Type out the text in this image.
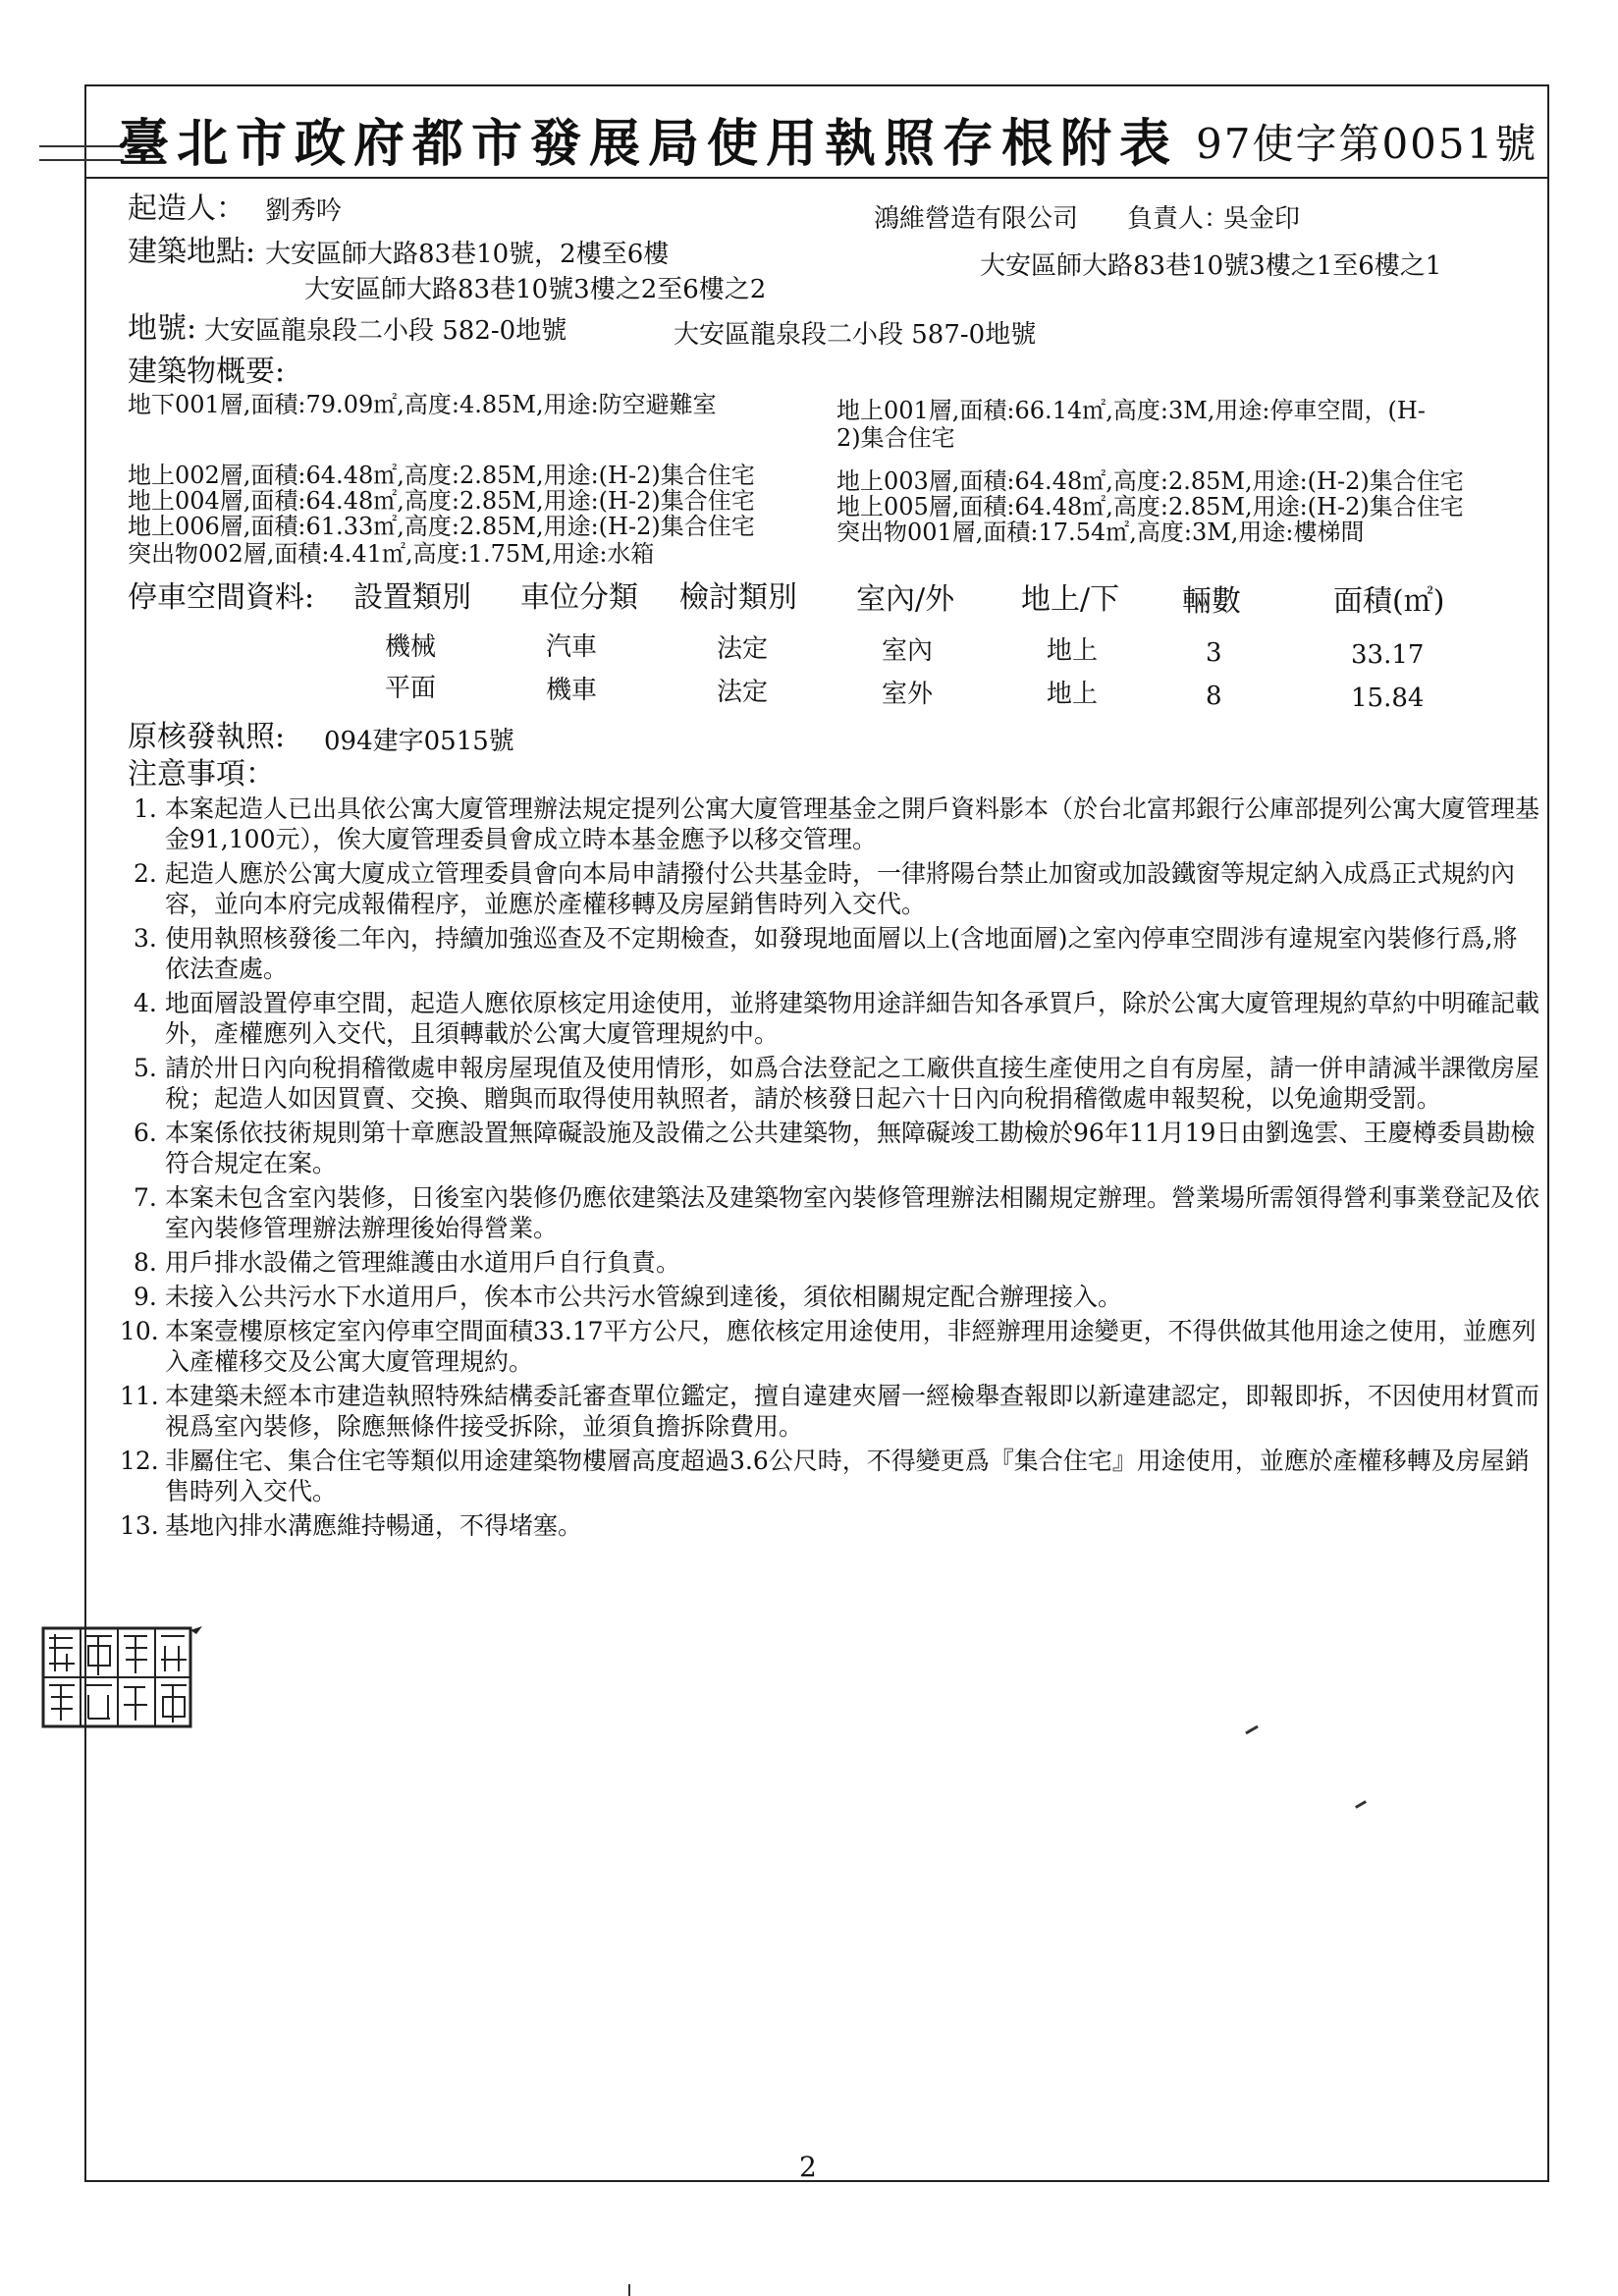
臺北市政府都市發展局使用執照存根附表 97使字第0051號
起造人： 劉秀吟	鴻維營造有限公司 負責人：
吳金印
建築地點: 大安區師大路83巷10號，2樓至6樓	大安區師大路83巷10號3樓之1至6樓之1
大安區師大路83巷10號3樓之2至6樓之2
地號: 大安區龍泉段二小段 582-0地號	大安區龍泉段二小段 587-0地號
建築物概要:
地下001層,面積:79.09㎡,高度:4.85M,用途:防空避難室
地上002層,面積:64.48㎡,高度:2.85M,用途:(H-2)集合住宅
地上004層,面積:64.48㎡,高度:2.85M,用途:(H-2)集合住宅
地上006層,面積:61.33㎡,高度:2.85M,用途:(H-2)集合住宅
突出物002層,面積:4.41㎡,高度:1.75M,用途:水箱
地上001層,面積:66.14㎡,高度:3M,用途:停車空間，(H-
2)集合住宅
地上003層,面積:64.48㎡,高度:2.85M,用途:(H-2)集合住宅
地上005層,面積:64.48㎡,高度:2.85M,用途:(H-2)集合住宅
突出物001層,面積:17.54㎡,高度:3M,用途:樓梯間
停車空間資料: 設置類別 車位分類 檢討類別 室內/外 地上/下 輛數	面積(㎡)
機械	汽車	法定	室內	地上	3	33.17
平面	機車	法定	室外	地上	8	15.84
原核發執照: 094建字0515號
注意事項：
1. 本案起造人已出具依公寓大廈管理辦法規定提列公寓大廈管理基金之開戶資料影本（於台北富邦銀行公庫部提列公寓大廈管理基金91,100元），俟大廈管理委員會成立時本基金應予以移交管理。
2. 起造人應於公寓大廈成立管理委員會向本局申請撥付公共基金時，一律將陽台禁止加窗或加設鐵窗等規定納入成爲正式規約內容，並向本府完成報備程序，並應於產權移轉及房屋銷售時列入交代。
3. 使用執照核發後二年內，持續加強巡查及不定期檢查，如發現地面層以上(含地面層)之室內停車空間涉有違規室內裝修行爲,將依法查處。
4. 地面層設置停車空間，起造人應依原核定用途使用，並將建築物用途詳細告知各承買戶，除於公寓大廈管理規約草約中明確記載外，產權應列入交代，且須轉載於公寓大廈管理規約中。
5. 請於卅日內向稅捐稽徵處申報房屋現值及使用情形，如爲合法登記之工廠供直接生產使用之自有房屋，請一併申請減半課徵房屋稅；起造人如因買賣、交換、贈與而取得使用執照者，請於核發日起六十日內向稅捐稽徵處申報契稅，以免逾期受罰。
6. 本案係依技術規則第十章應設置無障礙設施及設備之公共建築物，無障礙竣工勘檢於96年11月19日由劉逸雲、王慶樽委員勘檢符合規定在案。
7. 本案未包含室內裝修，日後室內裝修仍應依建築法及建築物室內裝修管理辦法相關規定辦理。營業場所需領得營利事業登記及依室內裝修管理辦法辦理後始得營業。
8. 用戶排水設備之管理維護由水道用戶自行負責。
9. 未接入公共污水下水道用戶，俟本市公共污水管線到達後，須依相關規定配合辦理接入。
10. 本案壹樓原核定室內停車空間面積33.17平方公尺，應依核定用途使用，非經辦理用途變更，不得供做其他用途之使用，並應列入產權移交及公寓大廈管理規約。
11. 本建築未經本市建造執照特殊結構委託審查單位鑑定，擅自違建夾層一經檢舉查報即以新違建認定，即報即拆，不因使用材質而視爲室內裝修，除應無條件接受拆除，並須負擔拆除費用。
12. 非屬住宅、集合住宅等類似用途建築物樓層高度超過3.6公尺時，不得變更爲『集合住宅』用途使用，並應於產權移轉及房屋銷售時列入交代。
13. 基地內排水溝應維持暢通，不得堵塞。
2
